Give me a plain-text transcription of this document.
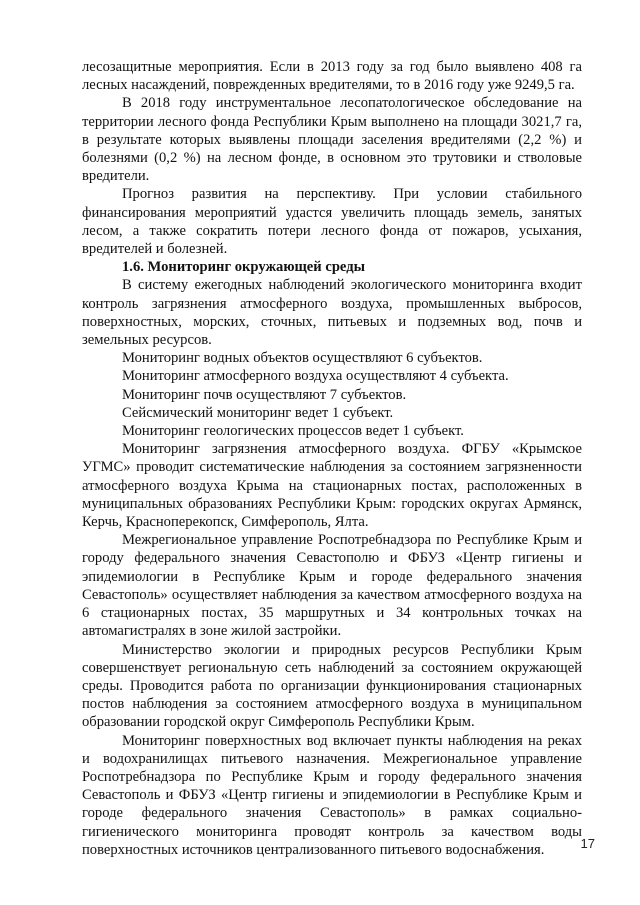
лесозащитные мероприятия. Если в 2013 году за год было выявлено 408 га лесных насаждений, поврежденных вредителями, то в 2016 году уже 9249,5 га.

В 2018 году инструментальное лесопатологическое обследование на территории лесного фонда Республики Крым выполнено на площади 3021,7 га, в результате которых выявлены площади заселения вредителями (2,2 %) и болезнями (0,2 %) на лесном фонде, в основном это трутовики и стволовые вредители.

Прогноз развития на перспективу. При условии стабильного финансирования мероприятий удастся увеличить площадь земель, занятых лесом, а также сократить потери лесного фонда от пожаров, усыхания, вредителей и болезней.

1.6. Мониторинг окружающей среды

В систему ежегодных наблюдений экологического мониторинга входит контроль загрязнения атмосферного воздуха, промышленных выбросов, поверхностных, морских, сточных, питьевых и подземных вод, почв и земельных ресурсов.

Мониторинг водных объектов осуществляют 6 субъектов.

Мониторинг атмосферного воздуха осуществляют 4 субъекта.

Мониторинг почв осуществляют 7 субъектов.

Сейсмический мониторинг ведет 1 субъект.

Мониторинг геологических процессов ведет 1 субъект.

Мониторинг загрязнения атмосферного воздуха. ФГБУ «Крымское УГМС» проводит систематические наблюдения за состоянием загрязненности атмосферного воздуха Крыма на стационарных постах, расположенных в муниципальных образованиях Республики Крым: городских округах Армянск, Керчь, Красноперекопск, Симферополь, Ялта.

Межрегиональное управление Роспотребнадзора по Республике Крым и городу федерального значения Севастополю и ФБУЗ «Центр гигиены и эпидемиологии в Республике Крым и городе федерального значения Севастополь» осуществляет наблюдения за качеством атмосферного воздуха на 6 стационарных постах, 35 маршрутных и 34 контрольных точках на автомагистралях в зоне жилой застройки.

Министерство экологии и природных ресурсов Республики Крым совершенствует региональную сеть наблюдений за состоянием окружающей среды. Проводится работа по организации функционирования стационарных постов наблюдения за состоянием атмосферного воздуха в муниципальном образовании городской округ Симферополь Республики Крым.

Мониторинг поверхностных вод включает пункты наблюдения на реках и водохранилищах питьевого назначения. Межрегиональное управление Роспотребнадзора по Республике Крым и городу федерального значения Севастополь и ФБУЗ «Центр гигиены и эпидемиологии в Республике Крым и городе федерального значения Севастополь» в рамках социально-гигиенического мониторинга проводят контроль за качеством воды поверхностных источников централизованного питьевого водоснабжения.	17
